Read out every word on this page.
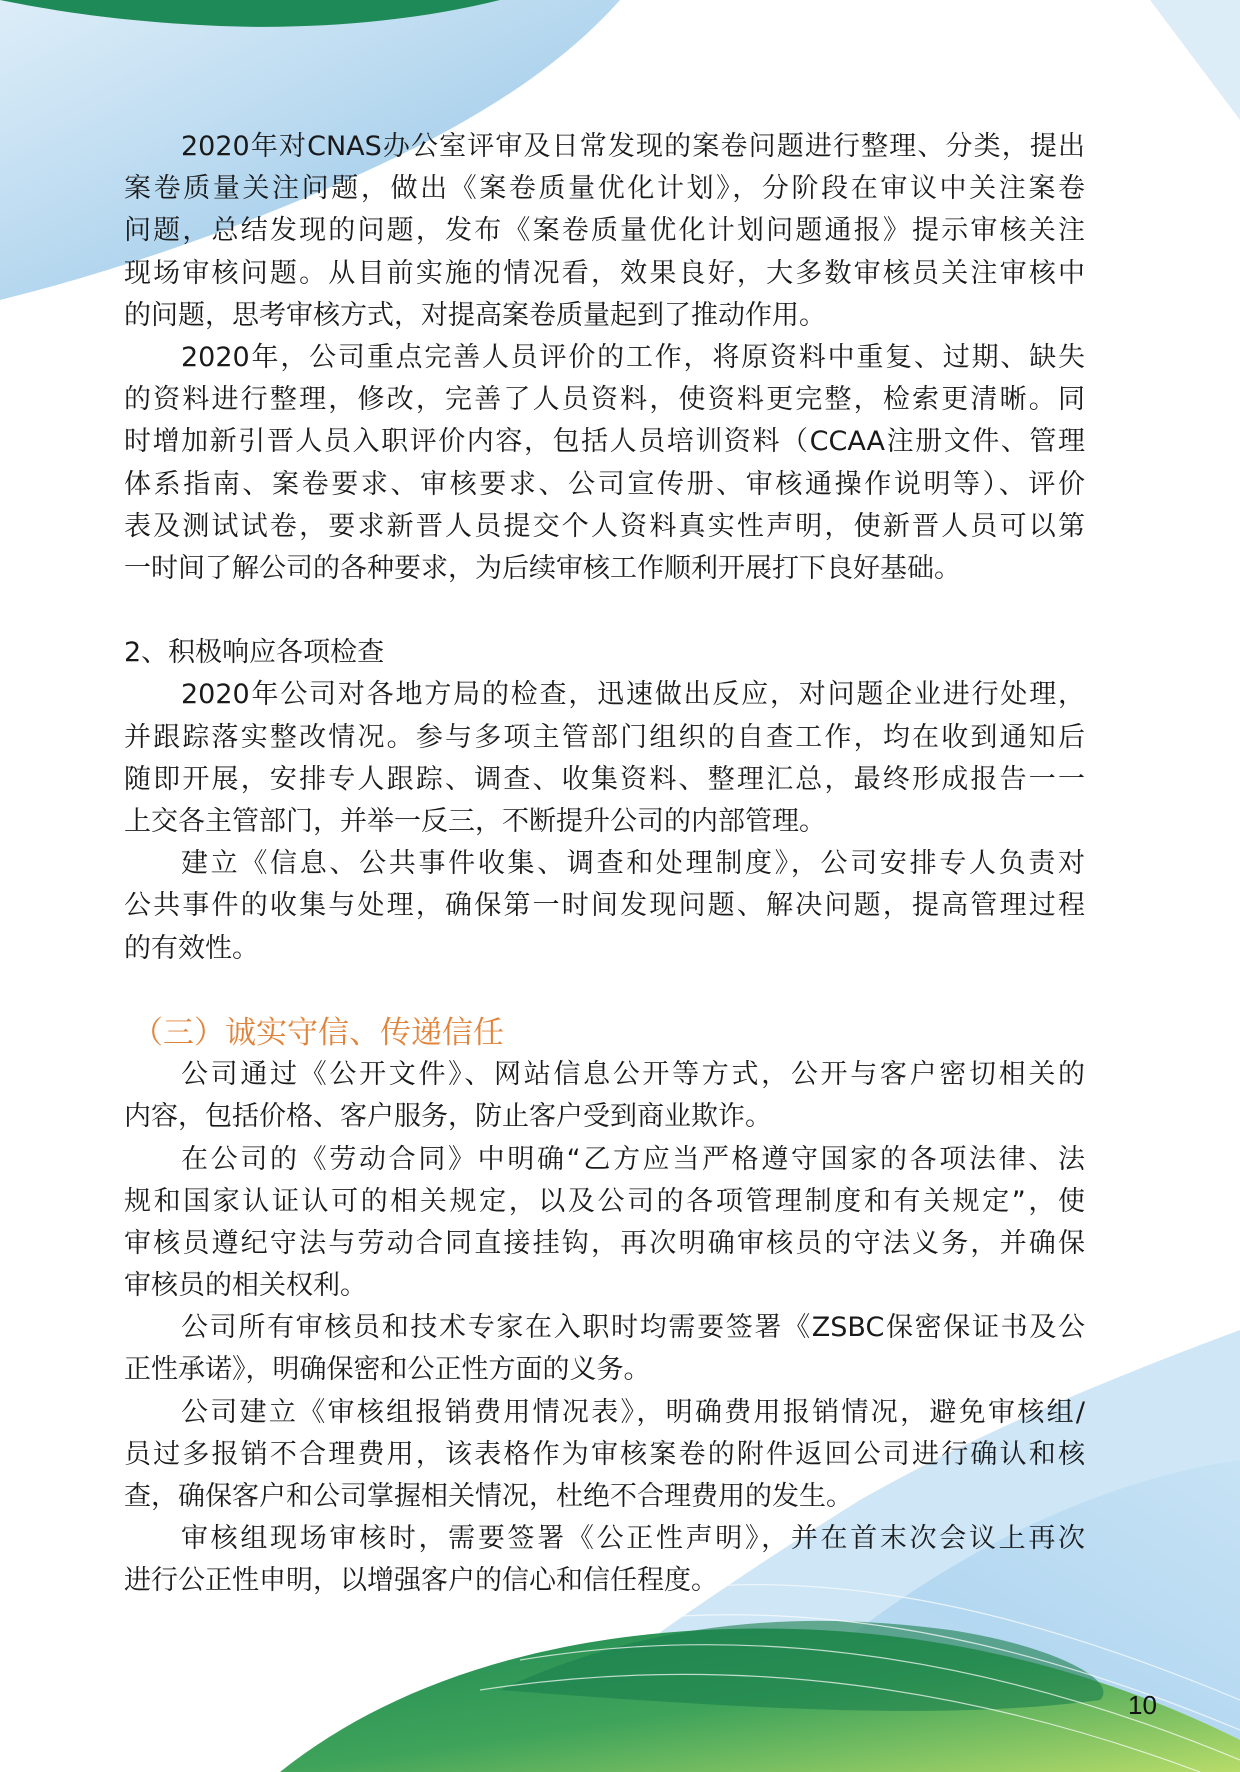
2020年对CNAS办公室评审及日常发现的案卷问题进行整理、分类，提出
案卷质量关注问题，做出《案卷质量优化计划》，分阶段在审议中关注案卷
问题，总结发现的问题，发布《案卷质量优化计划问题通报》提示审核关注
现场审核问题。从目前实施的情况看，效果良好，大多数审核员关注审核中
的问题，思考审核方式，对提高案卷质量起到了推动作用。
2020年，公司重点完善人员评价的工作，将原资料中重复、过期、缺失
的资料进行整理，修改，完善了人员资料，使资料更完整，检索更清晰。同
时增加新引晋人员入职评价内容，包括人员培训资料（CCAA注册文件、管理
体系指南、案卷要求、审核要求、公司宣传册、审核通操作说明等）、评价
表及测试试卷，要求新晋人员提交个人资料真实性声明，使新晋人员可以第
一时间了解公司的各种要求，为后续审核工作顺利开展打下良好基础。
2、积极响应各项检查
2020年公司对各地方局的检查，迅速做出反应，对问题企业进行处理，
并跟踪落实整改情况。参与多项主管部门组织的自查工作，均在收到通知后
随即开展，安排专人跟踪、调查、收集资料、整理汇总，最终形成报告一一
上交各主管部门，并举一反三，不断提升公司的内部管理。
建立《信息、公共事件收集、调查和处理制度》，公司安排专人负责对
公共事件的收集与处理，确保第一时间发现问题、解决问题，提高管理过程
的有效性。
（三）诚实守信、传递信任
公司通过《公开文件》、网站信息公开等方式，公开与客户密切相关的
内容，包括价格、客户服务，防止客户受到商业欺诈。
在公司的《劳动合同》中明确“乙方应当严格遵守国家的各项法律、法
规和国家认证认可的相关规定，以及公司的各项管理制度和有关规定”，使
审核员遵纪守法与劳动合同直接挂钩，再次明确审核员的守法义务，并确保
审核员的相关权利。
公司所有审核员和技术专家在入职时均需要签署《ZSBC保密保证书及公
正性承诺》，明确保密和公正性方面的义务。
公司建立《审核组报销费用情况表》，明确费用报销情况，避免审核组/
员过多报销不合理费用，该表格作为审核案卷的附件返回公司进行确认和核
查，确保客户和公司掌握相关情况，杜绝不合理费用的发生。
审核组现场审核时，需要签署《公正性声明》，并在首末次会议上再次
进行公正性申明，以增强客户的信心和信任程度。
10
